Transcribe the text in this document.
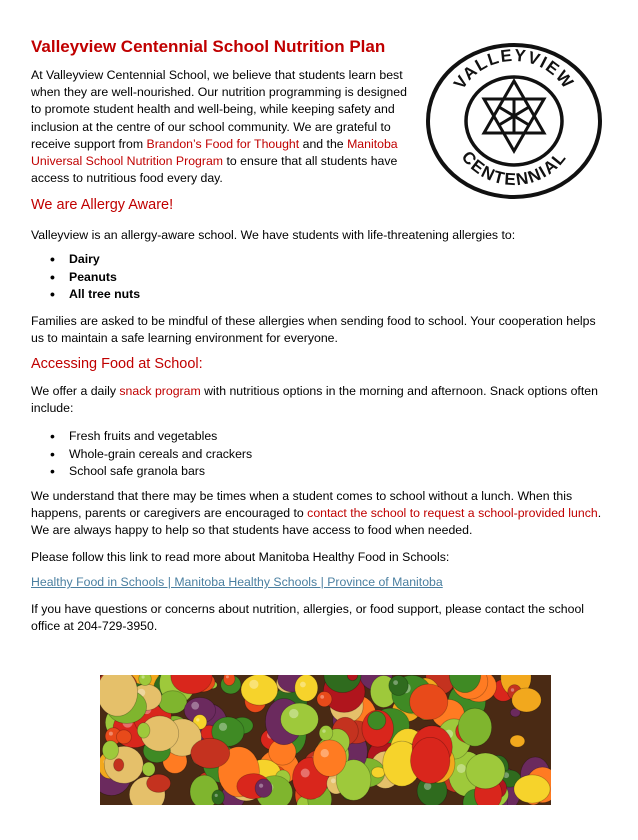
Valleyview Centennial School Nutrition Plan

At Valleyview Centennial School, we believe that students learn best when they are well-nourished. Our nutrition programming is designed to promote student health and well-being, while keeping safety and inclusion at the centre of our school community. We are grateful to receive support from Brandon’s Food for Thought and the Manitoba Universal School Nutrition Program to ensure that all students have access to nutritious food every day.

VALLEYVIEW
CENTENNIAL
We are Allergy Aware!

Valleyview is an allergy-aware school. We have students with life-threatening allergies to:

• Dairy
• Peanuts
• All tree nuts

Families are asked to be mindful of these allergies when sending food to school. Your cooperation helps us to maintain a safe learning environment for everyone.

Accessing Food at School:

We offer a daily snack program with nutritious options in the morning and afternoon. Snack options often include:

• Fresh fruits and vegetables
• Whole-grain cereals and crackers
• School safe granola bars

We understand that there may be times when a student comes to school without a lunch. When this happens, parents or caregivers are encouraged to contact the school to request a school-provided lunch. We are always happy to help so that students have access to food when needed.

Please follow this link to read more about Manitoba Healthy Food in Schools:

Healthy Food in Schools | Manitoba Healthy Schools | Province of Manitoba

If you have questions or concerns about nutrition, allergies, or food support, please contact the school office at 204-729-3950.
